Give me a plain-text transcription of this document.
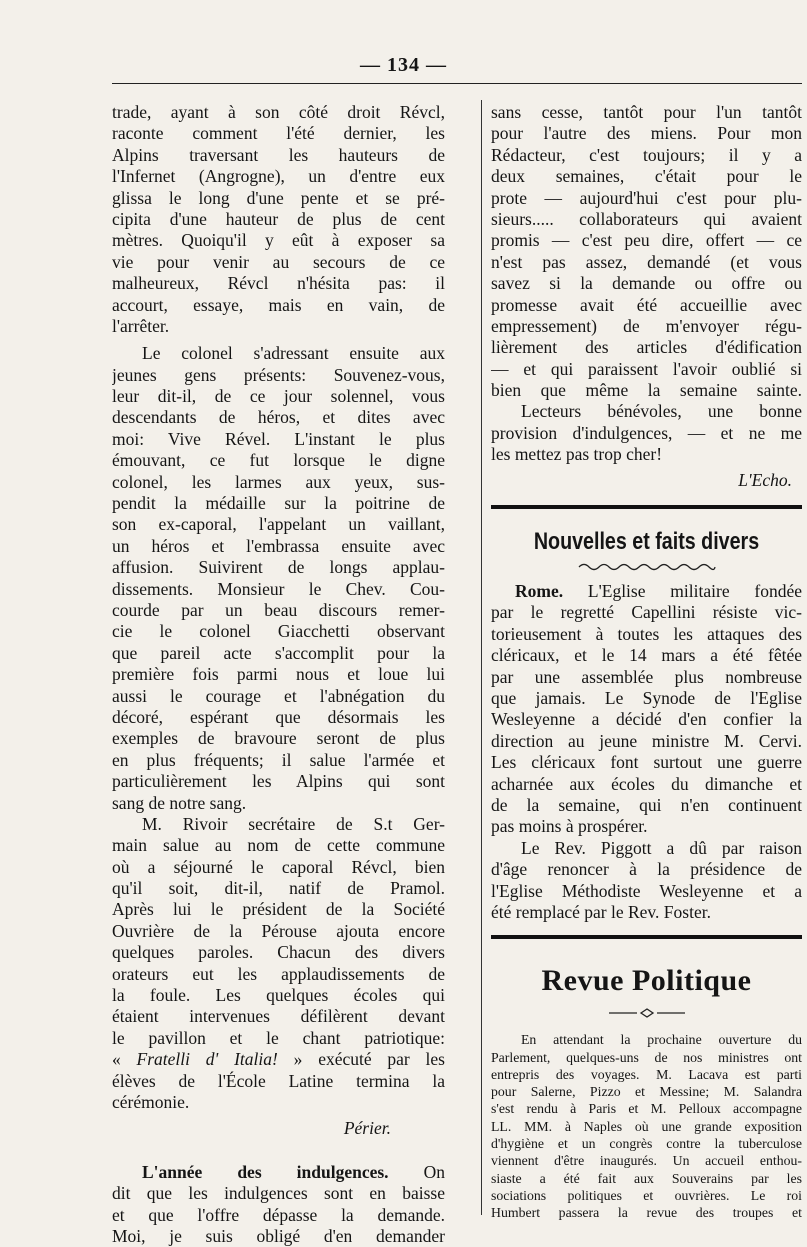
— 134 —
trade, ayant à son côté droit Révcl,
raconte comment l'été dernier, les
Alpins traversant les hauteurs de
l'Infernet (Angrogne), un d'entre eux
glissa le long d'une pente et se pré-
cipita d'une hauteur de plus de cent
mètres. Quoiqu'il y eût à exposer sa
vie pour venir au secours de ce
malheureux, Révcl n'hésita pas: il
accourt, essaye, mais en vain, de
l'arrêter.
Le colonel s'adressant ensuite aux
jeunes gens présents: Souvenez-vous,
leur dit-il, de ce jour solennel, vous
descendants de héros, et dites avec
moi: Vive Rével. L'instant le plus
émouvant, ce fut lorsque le digne
colonel, les larmes aux yeux, sus-
pendit la médaille sur la poitrine de
son ex-caporal, l'appelant un vaillant,
un héros et l'embrassa ensuite avec
affusion. Suivirent de longs applau-
dissements. Monsieur le Chev. Cou-
courde par un beau discours remer-
cie le colonel Giacchetti observant
que pareil acte s'accomplit pour la
première fois parmi nous et loue lui
aussi le courage et l'abnégation du
décoré, espérant que désormais les
exemples de bravoure seront de plus
en plus fréquents; il salue l'armée et
particulièrement les Alpins qui sont
sang de notre sang.
M. Rivoir secrétaire de S.t Ger-
main salue au nom de cette commune
où a séjourné le caporal Révcl, bien
qu'il soit, dit-il, natif de Pramol.
Après lui le président de la Société
Ouvrière de la Pérouse ajouta encore
quelques paroles. Chacun des divers
orateurs eut les applaudissements de
la foule. Les quelques écoles qui
étaient intervenues défilèrent devant
le pavillon et le chant patriotique:
« Fratelli d' Italia! » exécuté par les
élèves de l'École Latine termina la
cérémonie.
Périer.
L'année des indulgences. On
dit que les indulgences sont en baisse
et que l'offre dépasse la demande.
Moi, je suis obligé d'en demander
sans cesse, tantôt pour l'un tantôt
pour l'autre des miens. Pour mon
Rédacteur, c'est toujours; il y a
deux semaines, c'était pour le
prote — aujourd'hui c'est pour plu-
sieurs..... collaborateurs qui avaient
promis — c'est peu dire, offert — ce
n'est pas assez, demandé (et vous
savez si la demande ou offre ou
promesse avait été accueillie avec
empressement) de m'envoyer régu-
lièrement des articles d'édification
— et qui paraissent l'avoir oublié si
bien que même la semaine sainte.
Lecteurs bénévoles, une bonne
provision d'indulgences, — et ne me
les mettez pas trop cher!
L'Echo.
Nouvelles et faits divers
Rome. L'Eglise militaire fondée
par le regretté Capellini résiste vic-
torieusement à toutes les attaques des
cléricaux, et le 14 mars a été fêtée
par une assemblée plus nombreuse
que jamais. Le Synode de l'Eglise
Wesleyenne a décidé d'en confier la
direction au jeune ministre M. Cervi.
Les cléricaux font surtout une guerre
acharnée aux écoles du dimanche et
de la semaine, qui n'en continuent
pas moins à prospérer.
Le Rev. Piggott a dû par raison
d'âge renoncer à la présidence de
l'Eglise Méthodiste Wesleyenne et a
été remplacé par le Rev. Foster.
Revue Politique
En attendant la prochaine ouverture du
Parlement, quelques-uns de nos ministres ont
entrepris des voyages. M. Lacava est parti
pour Salerne, Pizzo et Messine; M. Salandra
s'est rendu à Paris et M. Pelloux accompagne
LL. MM. à Naples où une grande exposition
d'hygiène et un congrès contre la tuberculose
viennent d'être inaugurés. Un accueil enthou-
siaste a été fait aux Souverains par les
sociations politiques et ouvrières. Le roi
Humbert passera la revue des troupes et
